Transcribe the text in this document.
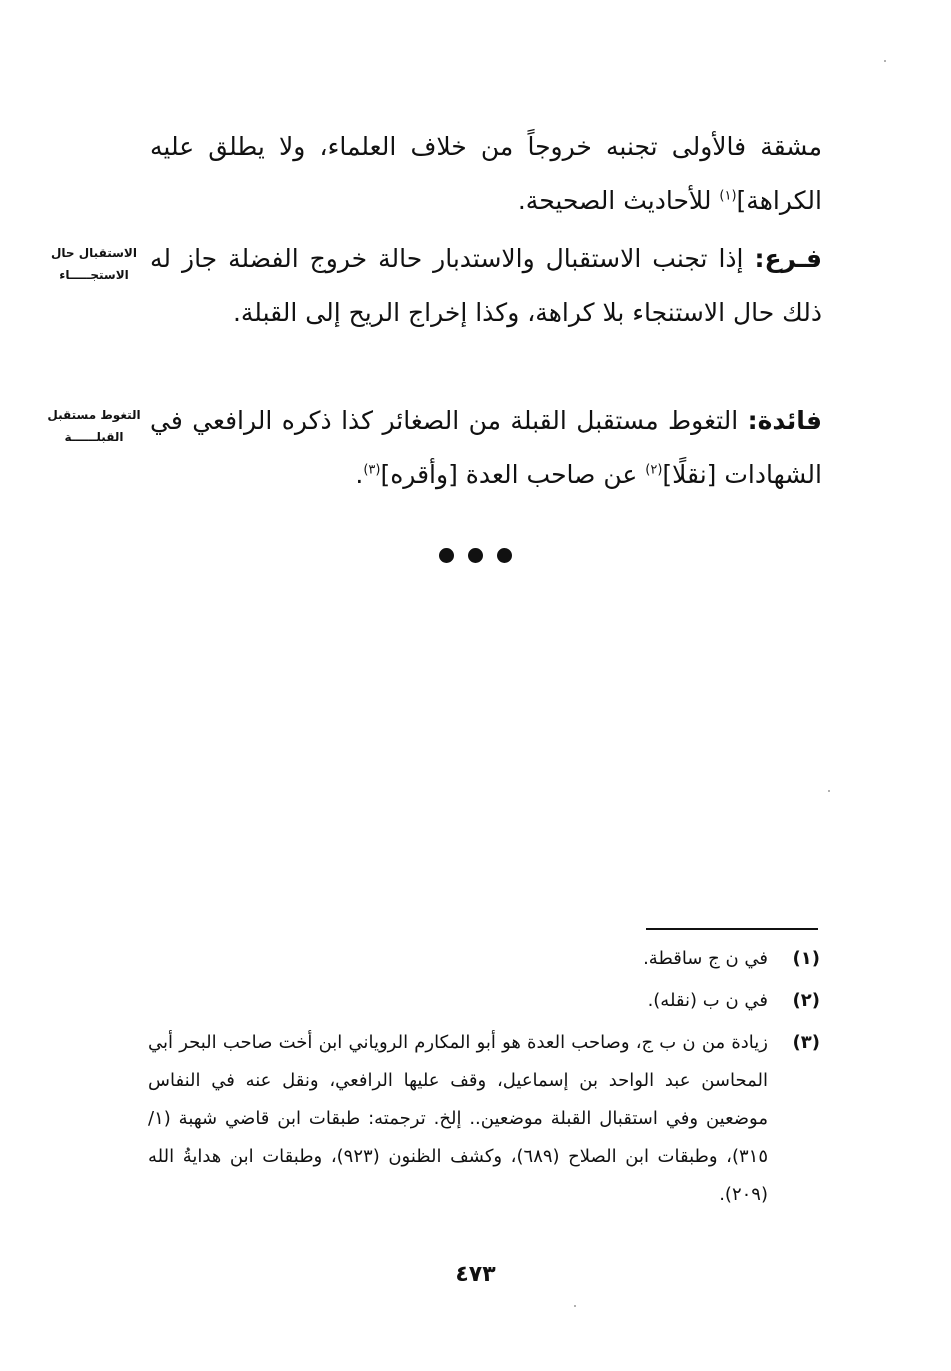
مشقة فالأولى تجنبه خروجاً من خلاف العلماء، ولا يطلق عليه الكراهة]$^{(١)}$ للأحاديث الصحيحة.

فـرع: إذا تجنب الاستقبال والاستدبار حالة خروج الفضلة جاز له ذلك حال الاستنجاء بلا كراهة، وكذا إخراج الريح إلى القبلة.

الاستقبال حال الاستجـــــاء

فائدة: التغوط مستقبل القبلة من الصغائر كذا ذكره الرافعي في الشهادات [نقلًا]$^{(٢)}$ عن صاحب العدة [وأقره]$^{(٣)}$.

التغوط مستقبل القبلــــــة
(١)
في ن ج ساقطة.
(٢)
في ن ب (نقله).
(٣)
زيادة من ن ب ج، وصاحب العدة هو أبو المكارم الروياني ابن أخت صاحب البحر أبي المحاسن عبد الواحد بن إسماعيل، وقف عليها الرافعي، ونقل عنه في النفاس موضعين وفي استقبال القبلة موضعين.. إلخ. ترجمته: طبقات ابن قاضي شهبة (١/ ٣١٥)، وطبقات ابن الصلاح (٦٨٩)، وكشف الظنون (٩٢٣)، وطبقات ابن هدايةُ الله (٢٠٩).
٤٧٣
